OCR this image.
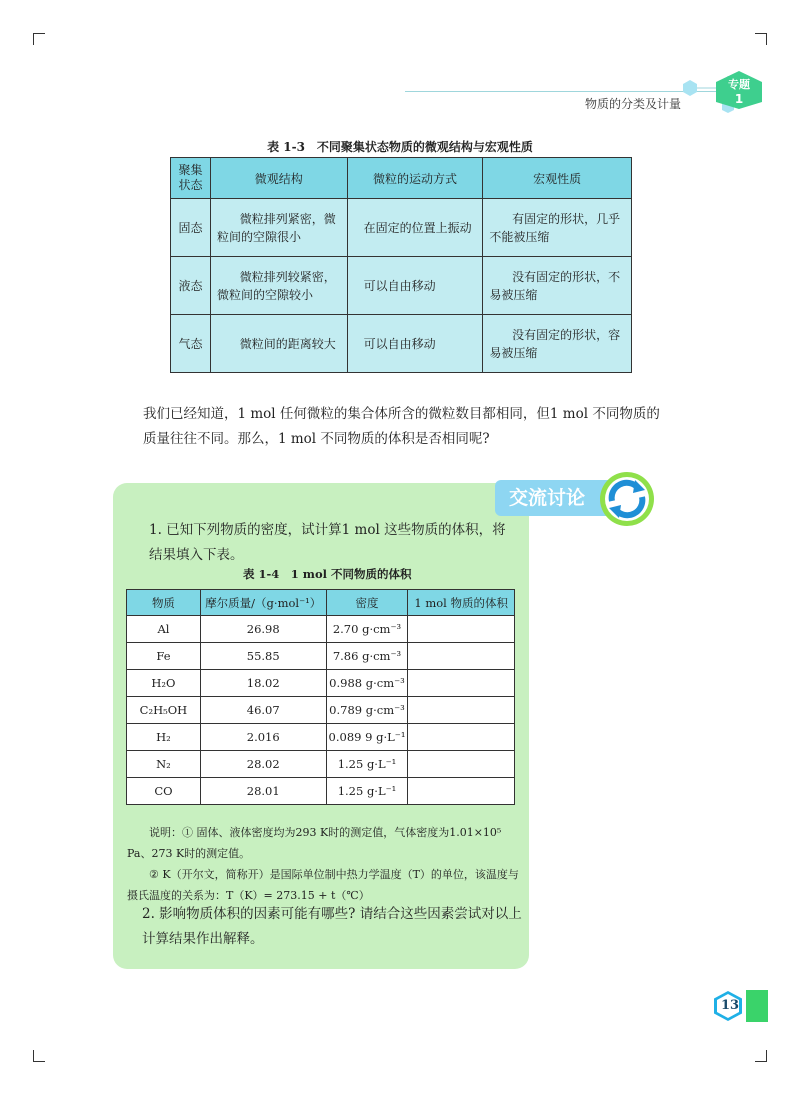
专题
1
物质的分类及计量
表 1-3　不同聚集状态物质的微观结构与宏观性质
聚集状态	微观结构	微粒的运动方式	宏观性质
固态	微粒排列紧密，微粒间的空隙很小	在固定的位置上振动	有固定的形状，几乎不能被压缩
液态	微粒排列较紧密，微粒间的空隙较小	可以自由移动	没有固定的形状，不易被压缩
气态	微粒间的距离较大	可以自由移动	没有固定的形状，容易被压缩
我们已经知道，1 mol 任何微粒的集合体所含的微粒数目都相同，但1 mol 不同物质的质量往往不同。那么，1 mol 不同物质的体积是否相同呢?
交流讨论
1. 已知下列物质的密度，试计算1 mol 这些物质的体积，将结果填入下表。
表 1-4　1 mol 不同物质的体积
物质	摩尔质量/（g·mol⁻¹）	密度	1 mol 物质的体积
Al	26.98	2.70 g·cm⁻³	
Fe	55.85	7.86 g·cm⁻³	
H₂O	18.02	0.988 g·cm⁻³	
C₂H₅OH	46.07	0.789 g·cm⁻³	
H₂	2.016	0.089 9 g·L⁻¹	
N₂	28.02	1.25 g·L⁻¹	
CO	28.01	1.25 g·L⁻¹	
说明：① 固体、液体密度均为293 K时的测定值，气体密度为1.01×10⁵ Pa、273 K时的测定值。
② K（开尔文，简称开）是国际单位制中热力学温度（T）的单位，该温度与摄氏温度的关系为：T（K）= 273.15 + t（℃）
2. 影响物质体积的因素可能有哪些? 请结合这些因素尝试对以上计算结果作出解释。
13
